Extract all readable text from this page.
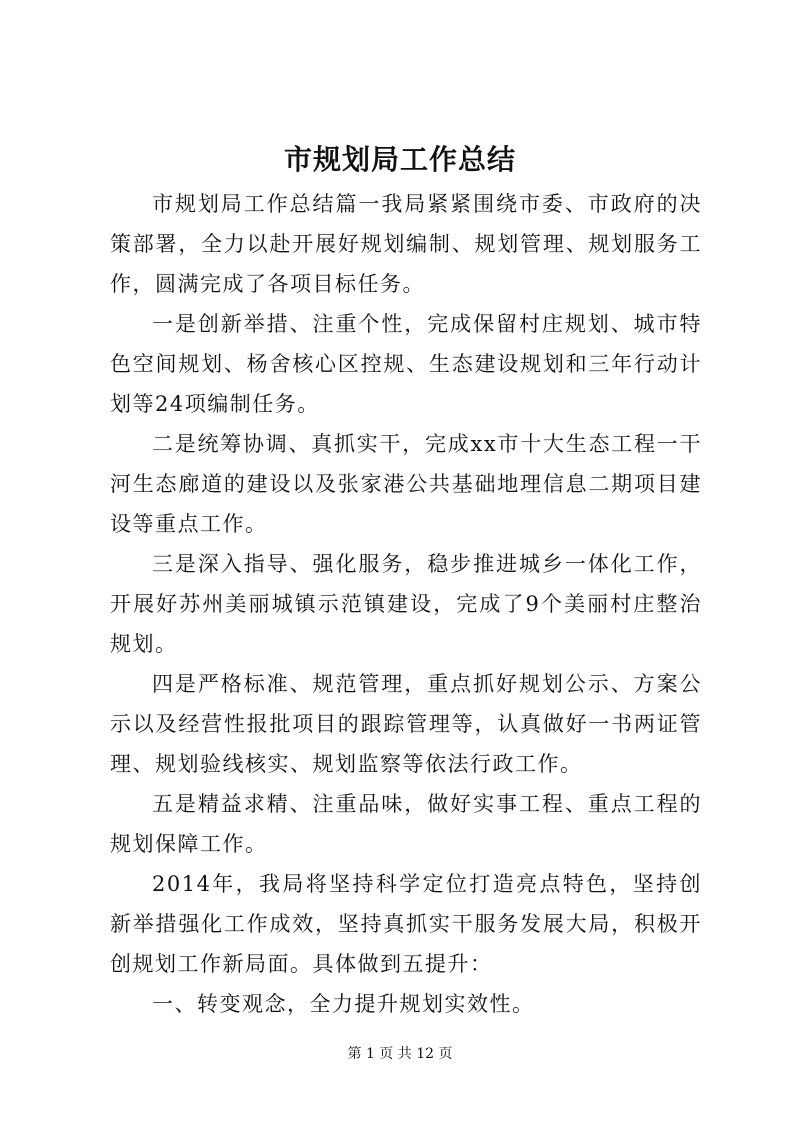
市规划局工作总结

市规划局工作总结篇一我局紧紧围绕市委、市政府的决策部署，全力以赴开展好规划编制、规划管理、规划服务工作，圆满完成了各项目标任务。

一是创新举措、注重个性，完成保留村庄规划、城市特色空间规划、杨舍核心区控规、生态建设规划和三年行动计划等24项编制任务。

二是统筹协调、真抓实干，完成xx市十大生态工程一干河生态廊道的建设以及张家港公共基础地理信息二期项目建设等重点工作。

三是深入指导、强化服务，稳步推进城乡一体化工作，开展好苏州美丽城镇示范镇建设，完成了9个美丽村庄整治规划。

四是严格标准、规范管理，重点抓好规划公示、方案公示以及经营性报批项目的跟踪管理等，认真做好一书两证管理、规划验线核实、规划监察等依法行政工作。

五是精益求精、注重品味，做好实事工程、重点工程的规划保障工作。

2014年，我局将坚持科学定位打造亮点特色，坚持创新举措强化工作成效，坚持真抓实干服务发展大局，积极开创规划工作新局面。具体做到五提升：

一、转变观念，全力提升规划实效性。

第 1 页 共 12 页
